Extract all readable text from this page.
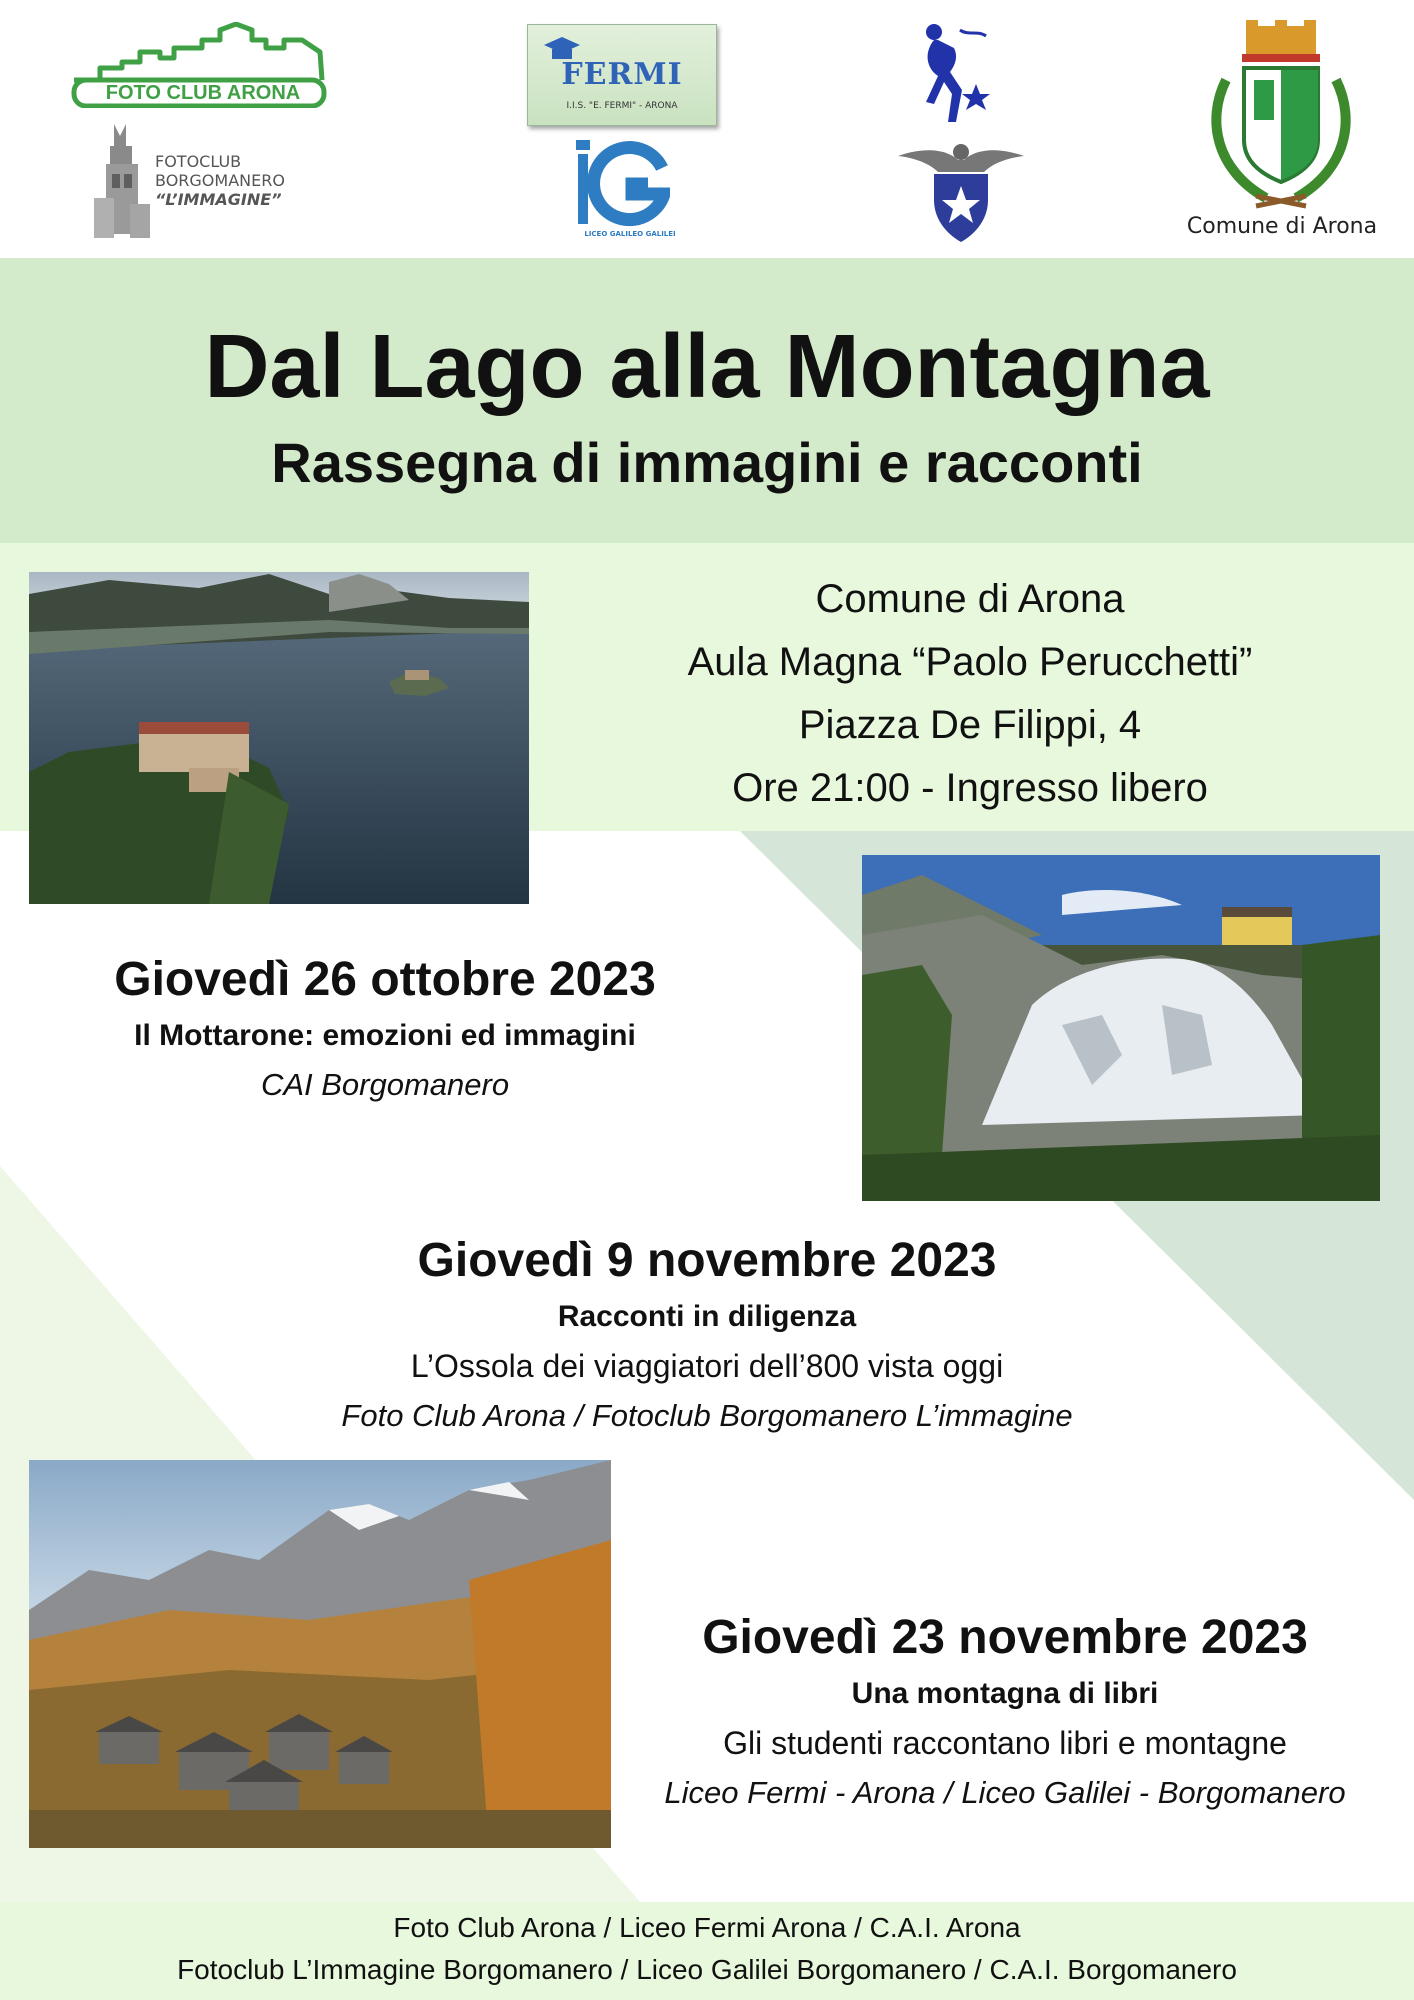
FOTO CLUB ARONA
FOTOCLUB
BORGOMANERO
“L’IMMAGINE”
FERMI
I.I.S. "E. FERMI" - ARONA
LICEO GALILEO GALILEI	Comune di Arona
Dal Lago alla Montagna
Rassegna di immagini e racconti
Comune di Arona
Aula Magna “Paolo Perucchetti”
Piazza De Filippi, 4
Ore 21:00 - Ingresso libero
Giovedì 26 ottobre 2023
Il Mottarone: emozioni ed immagini
CAI Borgomanero
Giovedì 9 novembre 2023
Racconti in diligenza
L’Ossola dei viaggiatori dell’800 vista oggi
Foto Club Arona / Fotoclub Borgomanero L’immagine
Giovedì 23 novembre 2023
Una montagna di libri
Gli studenti raccontano libri e montagne
Liceo Fermi - Arona / Liceo Galilei - Borgomanero
Foto Club Arona / Liceo Fermi Arona / C.A.I. Arona
Fotoclub L’Immagine Borgomanero / Liceo Galilei Borgomanero / C.A.I. Borgomanero
